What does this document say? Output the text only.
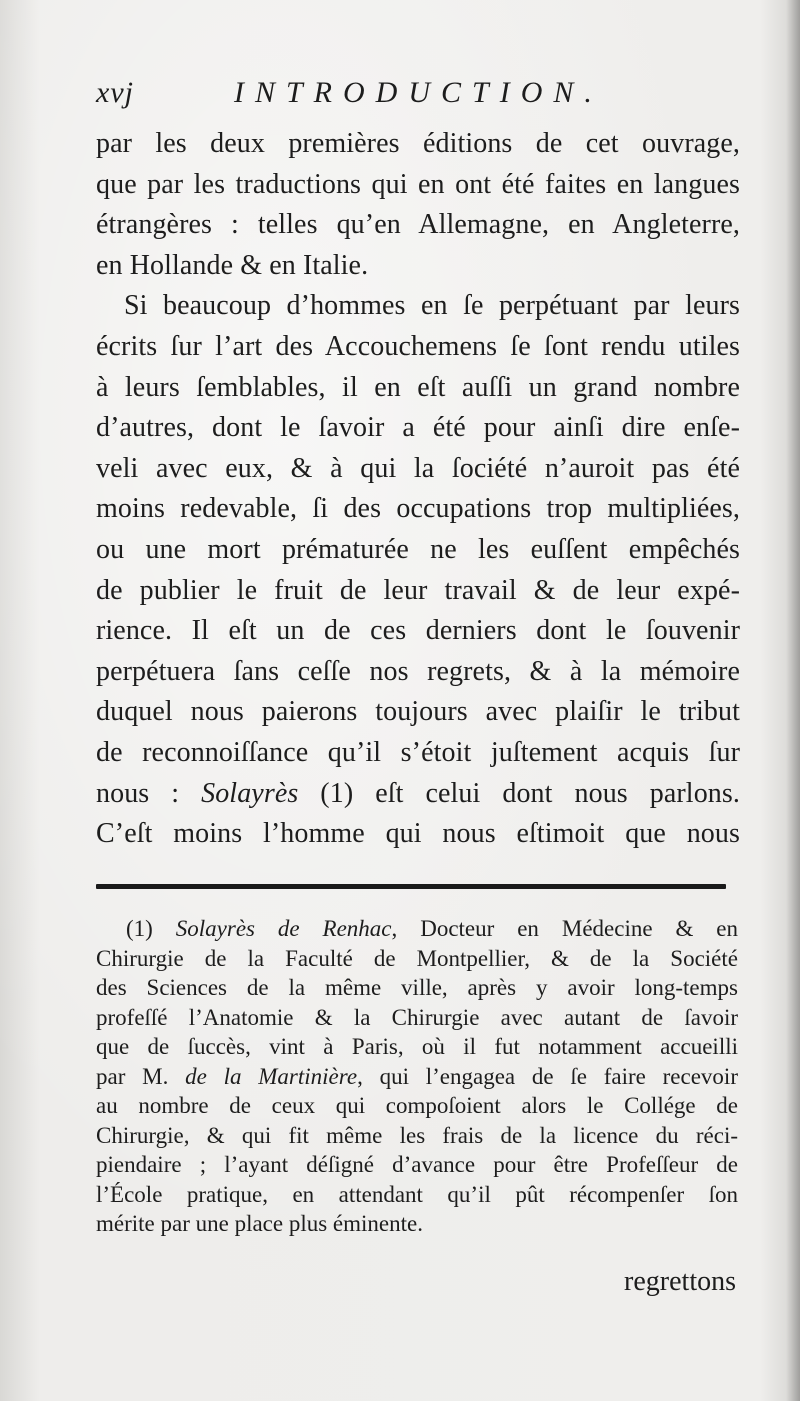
xvj	INTRODUCTION.
par les deux premières éditions de cet ouvrage,
que par les traductions qui en ont été faites en langues
étrangères : telles qu’en Allemagne, en Angleterre,
en Hollande & en Italie.
Si beaucoup d’hommes en ſe perpétuant par leurs
écrits ſur l’art des Accouchemens ſe ſont rendu utiles
à leurs ſemblables, il en eſt auſſi un grand nombre
d’autres, dont le ſavoir a été pour ainſi dire enſe-
veli avec eux, & à qui la ſociété n’auroit pas été
moins redevable, ſi des occupations trop multipliées,
ou une mort prématurée ne les euſſent empêchés
de publier le fruit de leur travail & de leur expé-
rience. Il eſt un de ces derniers dont le ſouvenir
perpétuera ſans ceſſe nos regrets, & à la mémoire
duquel nous paierons toujours avec plaiſir le tribut
de reconnoiſſance qu’il s’étoit juſtement acquis ſur
nous : Solayrès (1) eſt celui dont nous parlons.
C’eſt moins l’homme qui nous eſtimoit que nous
(1) Solayrès de Renhac, Docteur en Médecine & en
Chirurgie de la Faculté de Montpellier, & de la Société
des Sciences de la même ville, après y avoir long-temps
profeſſé l’Anatomie & la Chirurgie avec autant de ſavoir
que de ſuccès, vint à Paris, où il fut notamment accueilli
par M. de la Martinière, qui l’engagea de ſe faire recevoir
au nombre de ceux qui compoſoient alors le Collége de
Chirurgie, & qui fit même les frais de la licence du réci-
piendaire ; l’ayant déſigné d’avance pour être Profeſſeur de
l’École pratique, en attendant qu’il pût récompenſer ſon
mérite par une place plus éminente.
regrettons
